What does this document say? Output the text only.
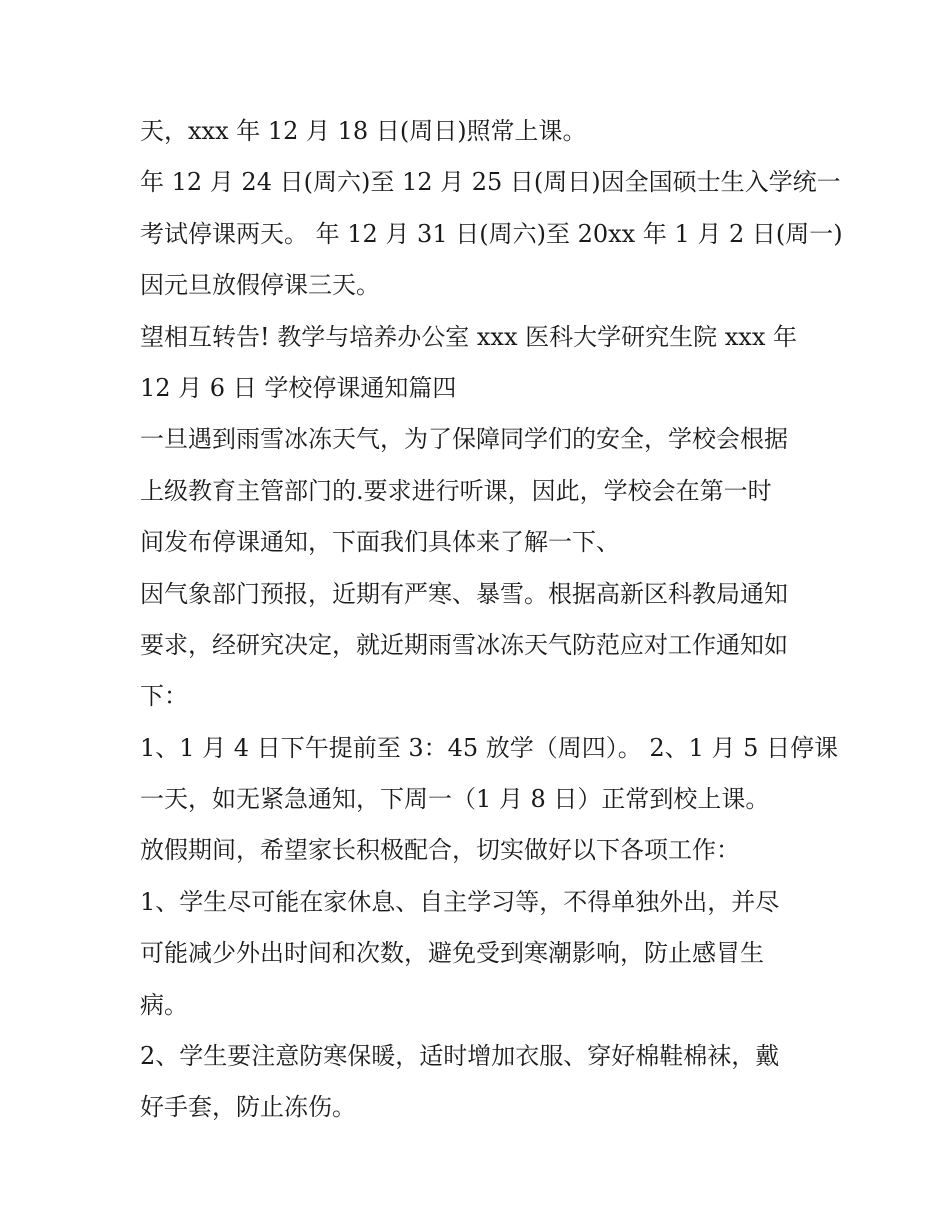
天，xxx 年 12 月 18 日(周日)照常上课。
年 12 月 24 日(周六)至 12 月 25 日(周日)因全国硕士生入学统一
考试停课两天。 年 12 月 31 日(周六)至 20xx 年 1 月 2 日(周一)
因元旦放假停课三天。
望相互转告! 教学与培养办公室 xxx 医科大学研究生院 xxx 年
12 月 6 日 学校停课通知篇四
一旦遇到雨雪冰冻天气，为了保障同学们的安全，学校会根据
上级教育主管部门的.要求进行听课，因此，学校会在第一时
间发布停课通知，下面我们具体来了解一下、
因气象部门预报，近期有严寒、暴雪。根据高新区科教局通知
要求，经研究决定，就近期雨雪冰冻天气防范应对工作通知如
下：
1、1 月 4 日下午提前至 3：45 放学（周四）。 2、1 月 5 日停课
一天，如无紧急通知，下周一（1 月 8 日）正常到校上课。
放假期间，希望家长积极配合，切实做好以下各项工作：
1、学生尽可能在家休息、自主学习等，不得单独外出，并尽
可能减少外出时间和次数，避免受到寒潮影响，防止感冒生
病。
2、学生要注意防寒保暖，适时增加衣服、穿好棉鞋棉袜，戴
好手套，防止冻伤。
